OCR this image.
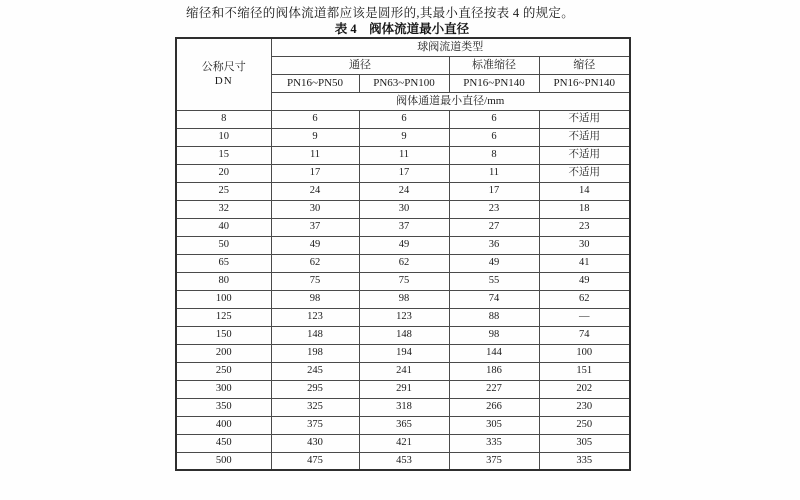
缩径和不缩径的阀体流道都应该是圆形的,其最小直径按表 4 的规定。
表 4　阀体流道最小直径
公称尺寸
DN	球阀流道类型			
	通径		标准缩径	缩径
	PN16~PN50	PN63~PN100	PN16~PN140	PN16~PN140
	阀体通道最小直径/mm			
8	6	6	6	不适用
10	9	9	6	不适用
15	11	11	8	不适用
20	17	17	11	不适用
25	24	24	17	14
32	30	30	23	18
40	37	37	27	23
50	49	49	36	30
65	62	62	49	41
80	75	75	55	49
100	98	98	74	62
125	123	123	88	—
150	148	148	98	74
200	198	194	144	100
250	245	241	186	151
300	295	291	227	202
350	325	318	266	230
400	375	365	305	250
450	430	421	335	305
500	475	453	375	335
